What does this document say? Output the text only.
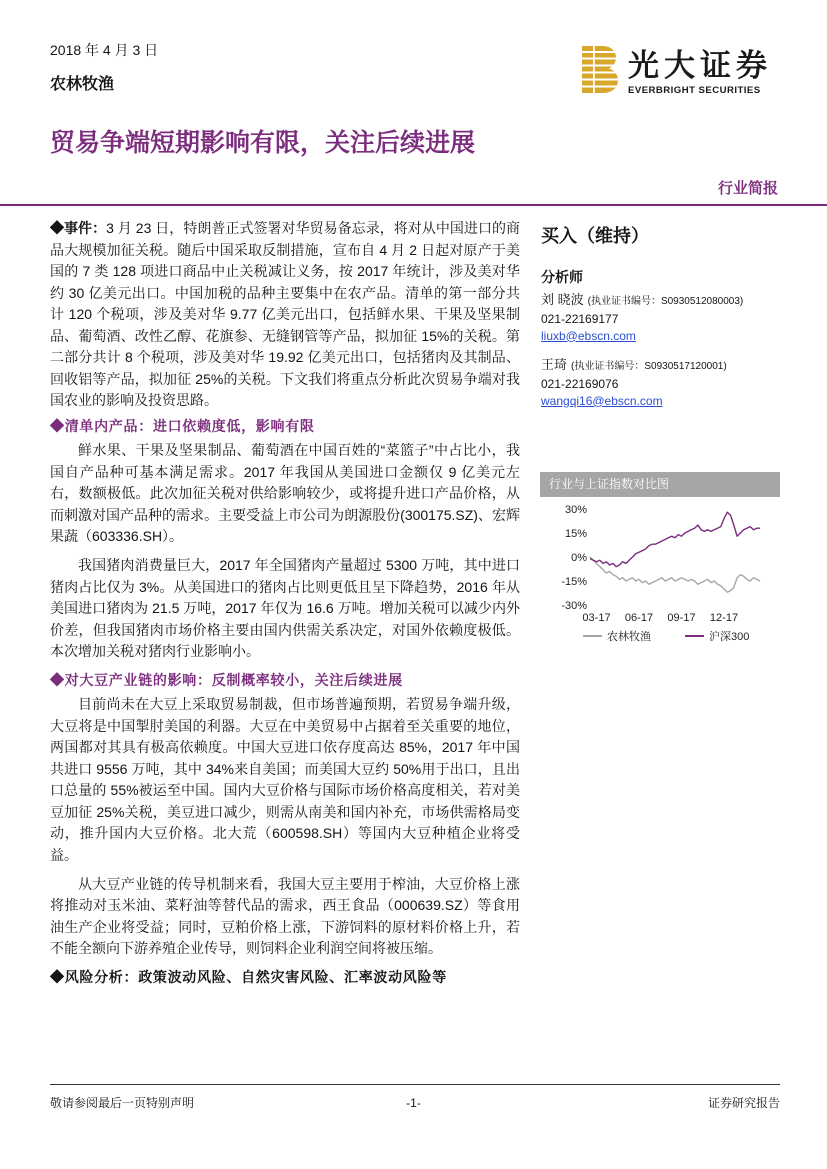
2018 年 4 月 3 日
农林牧渔
光大证券
EVERBRIGHT SECURITIES
贸易争端短期影响有限，关注后续进展
行业简报

◆事件：3 月 23 日，特朗普正式签署对华贸易备忘录，将对从中国进口的商品大规模加征关税。随后中国采取反制措施，宣布自 4 月 2 日起对原产于美国的 7 类 128 项进口商品中止关税减让义务，按 2017 年统计，涉及美对华约 30 亿美元出口。中国加税的品种主要集中在农产品。清单的第一部分共计 120 个税项，涉及美对华 9.77 亿美元出口，包括鲜水果、干果及坚果制品、葡萄酒、改性乙醇、花旗参、无缝钢管等产品，拟加征 15%的关税。第二部分共计 8 个税项，涉及美对华 19.92 亿美元出口，包括猪肉及其制品、回收铝等产品，拟加征 25%的关税。下文我们将重点分析此次贸易争端对我国农业的影响及投资思路。

◆清单内产品：进口依赖度低，影响有限

鲜水果、干果及坚果制品、葡萄酒在中国百姓的“菜篮子”中占比小，我国自产品种可基本满足需求。2017 年我国从美国进口金额仅 9 亿美元左右，数额极低。此次加征关税对供给影响较少，或将提升进口产品价格，从而刺激对国产品种的需求。主要受益上市公司为朗源股份(300175.SZ)、宏辉果蔬（603336.SH）。

我国猪肉消费量巨大，2017 年全国猪肉产量超过 5300 万吨，其中进口猪肉占比仅为 3%。从美国进口的猪肉占比则更低且呈下降趋势，2016 年从美国进口猪肉为 21.5 万吨，2017 年仅为 16.6 万吨。增加关税可以减少内外价差，但我国猪肉市场价格主要由国内供需关系决定，对国外依赖度极低。本次增加关税对猪肉行业影响小。

◆对大豆产业链的影响：反制概率较小，关注后续进展

目前尚未在大豆上采取贸易制裁，但市场普遍预期，若贸易争端升级，大豆将是中国掣肘美国的利器。大豆在中美贸易中占据着至关重要的地位，两国都对其具有极高依赖度。中国大豆进口依存度高达 85%，2017 年中国共进口 9556 万吨，其中 34%来自美国；而美国大豆约 50%用于出口，且出口总量的 55%被运至中国。国内大豆价格与国际市场价格高度相关，若对美豆加征 25%关税，美豆进口减少，则需从南美和国内补充，市场供需格局变动，推升国内大豆价格。北大荒（600598.SH）等国内大豆种植企业将受益。

从大豆产业链的传导机制来看，我国大豆主要用于榨油，大豆价格上涨将推动对玉米油、菜籽油等替代品的需求，西王食品（000639.SZ）等食用油生产企业将受益；同时，豆粕价格上涨，下游饲料的原材料价格上升，若不能全额向下游养殖企业传导，则饲料企业利润空间将被压缩。

◆风险分析：政策波动风险、自然灾害风险、汇率波动风险等
买入（维持）
分析师
刘 晓波 (执业证书编号：S0930512080003)
021-22169177
liuxb@ebscn.com
王琦 (执业证书编号：S0930517120001)
021-22169076
wangqi16@ebscn.com
行业与上证指数对比图
30%
15%
0%
-15%
-30%
03-17 06-17 09-17 12-17
农林牧渔	沪深300
敬请参阅最后一页特别声明	-1-	证券研究报告
